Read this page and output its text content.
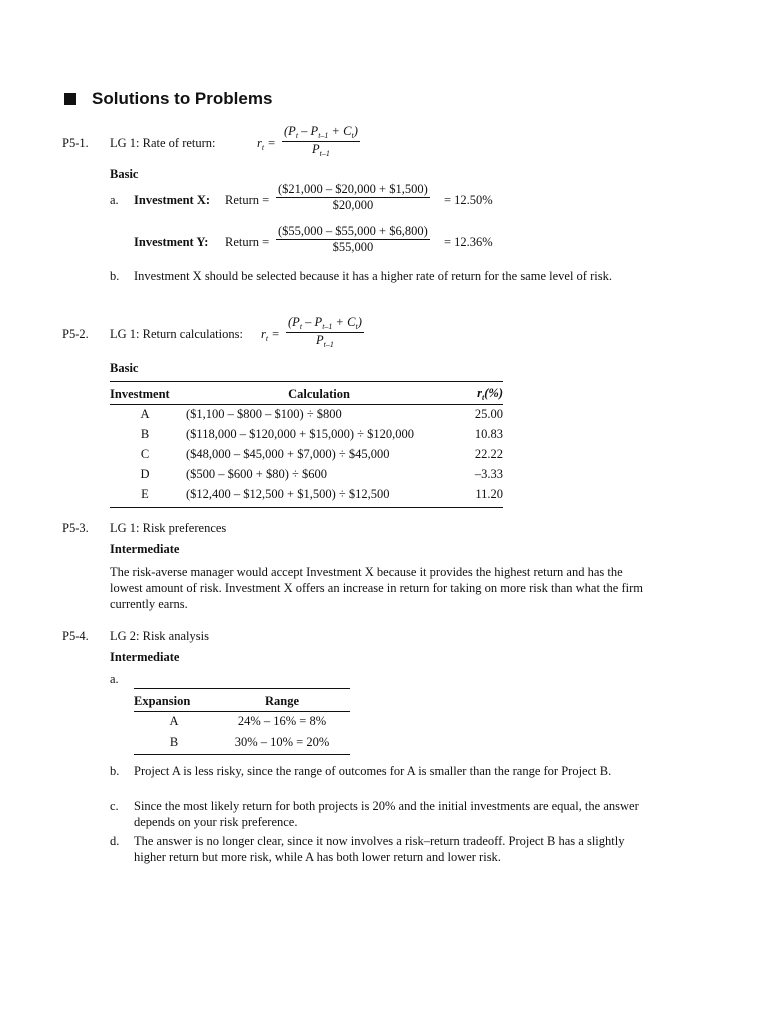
Solutions to Problems
P5-1. LG 1: Rate of return:	$r_t = \frac{(P_t - P_{t-1} + C_t)}{P_{t-1}}$
Basic
a. Investment X: Return = $\frac{(\$21,000 - \$20,000 + \$1,500)}{\$20,000} = 12.50\%$
Investment Y: Return = $\frac{(\$55,000 - \$55,000 + \$6,800)}{\$55,000} = 12.36\%$
b. Investment X should be selected because it has a higher rate of return for the same level of risk.
P5-2. LG 1: Return calculations: $r_t = \frac{(P_t - P_{t-1} + C_t)}{P_{t-1}}$
Basic
Investment	Calculation	$r_t(\%)$
A	($1,100 – $800 – $100) ÷ $800	25.00
B	($118,000 – $120,000 + $15,000) ÷ $120,000	10.83
C	($48,000 – $45,000 + $7,000) ÷ $45,000	22.22
D	($500 – $600 + $80) ÷ $600	–3.33
E	($12,400 – $12,500 + $1,500) ÷ $12,500	11.20
P5-3. LG 1: Risk preferences
Intermediate
The risk-averse manager would accept Investment X because it provides the highest return and has the lowest amount of risk. Investment X offers an increase in return for taking on more risk than what the firm currently earns.
P5-4. LG 2: Risk analysis
Intermediate
a.
Expansion	Range
A	24% – 16% = 8%
B	30% – 10% = 20%
b. Project A is less risky, since the range of outcomes for A is smaller than the range for Project B.
c. Since the most likely return for both projects is 20% and the initial investments are equal, the answer depends on your risk preference.
d. The answer is no longer clear, since it now involves a risk–return tradeoff. Project B has a slightly higher return but more risk, while A has both lower return and lower risk.
